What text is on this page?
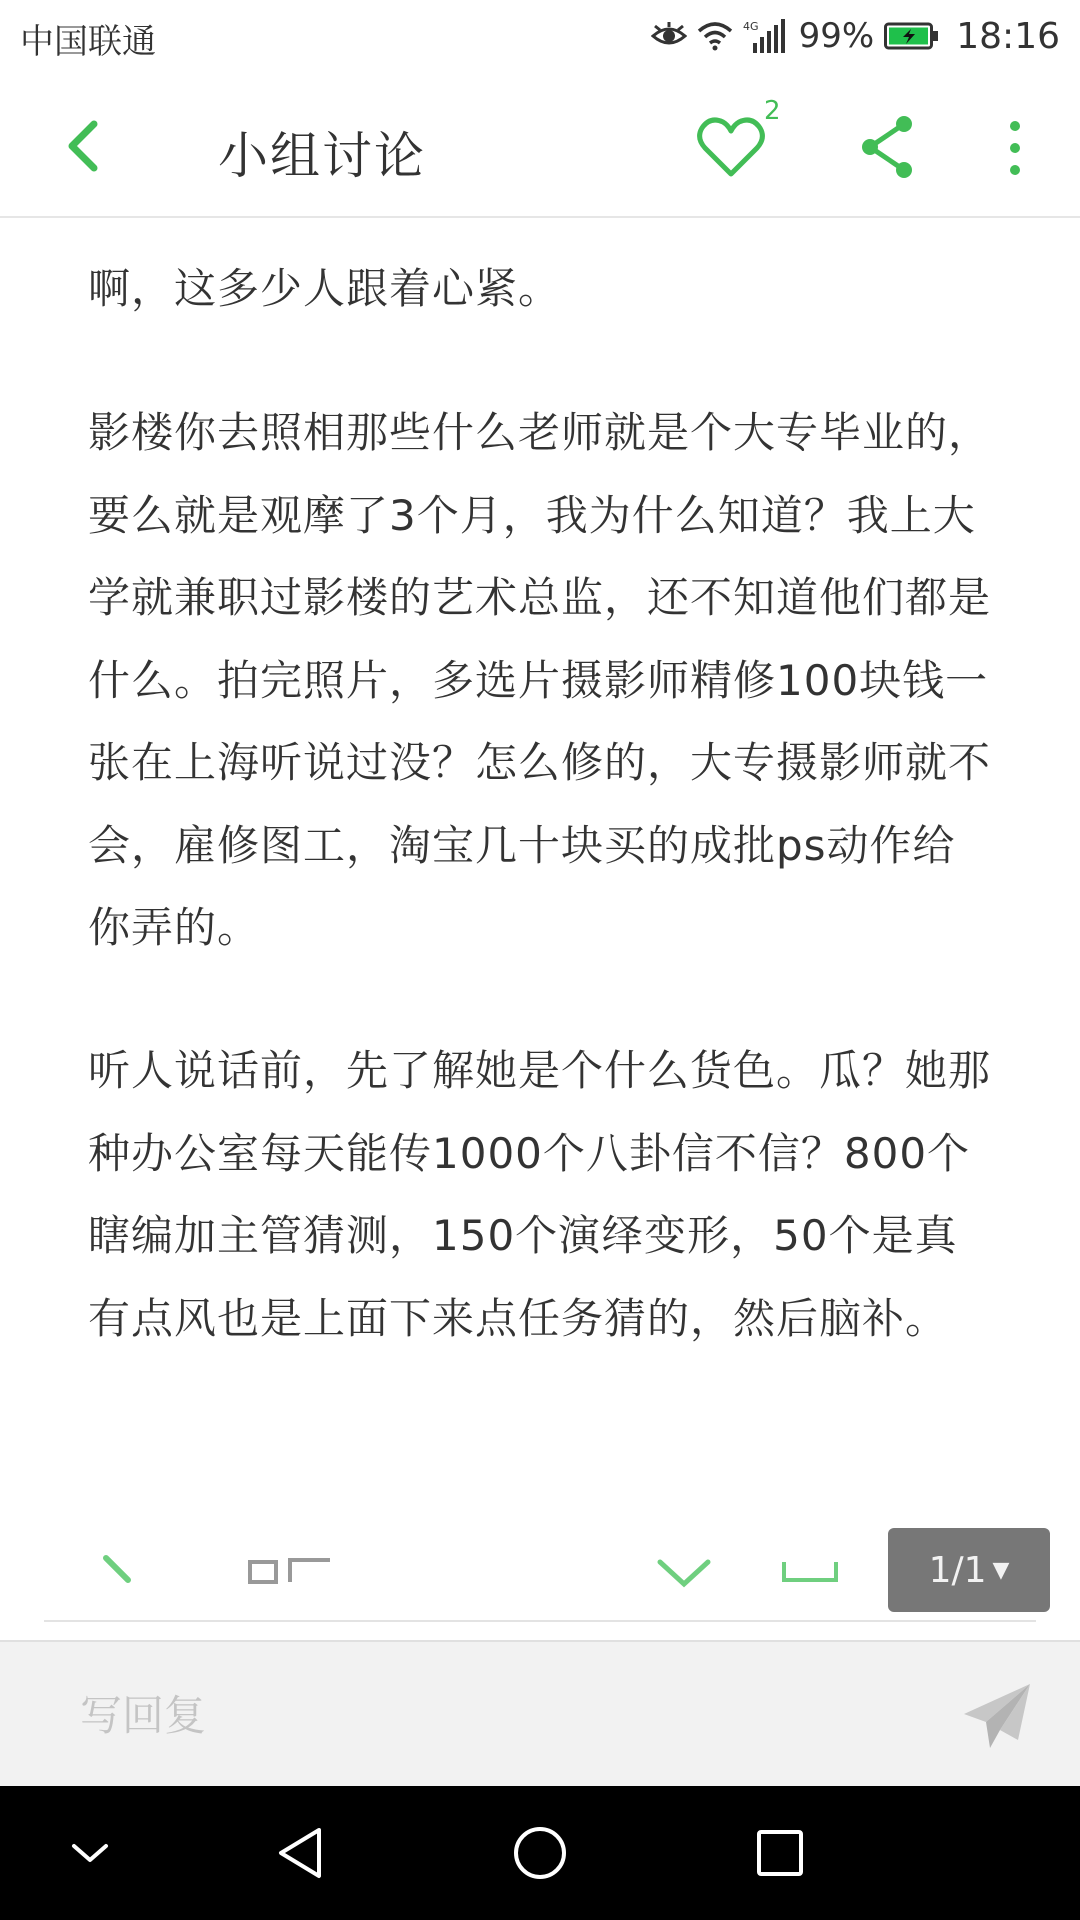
中国联通	4G 99% 18:16
小组讨论
2

啊，这多少人跟着心紧。

影楼你去照相那些什么老师就是个大专毕业的，要么就是观摩了3个月，我为什么知道？我上大学就兼职过影楼的艺术总监，还不知道他们都是什么。拍完照片，多选片摄影师精修100块钱一张在上海听说过没？怎么修的，大专摄影师就不会，雇修图工，淘宝几十块买的成批ps动作给你弄的。

听人说话前，先了解她是个什么货色。瓜？她那种办公室每天能传1000个八卦信不信？800个瞎编加主管猜测，150个演绎变形，50个是真有点风也是上面下来点任务猜的，然后脑补。

1/1 ▼
写回复
